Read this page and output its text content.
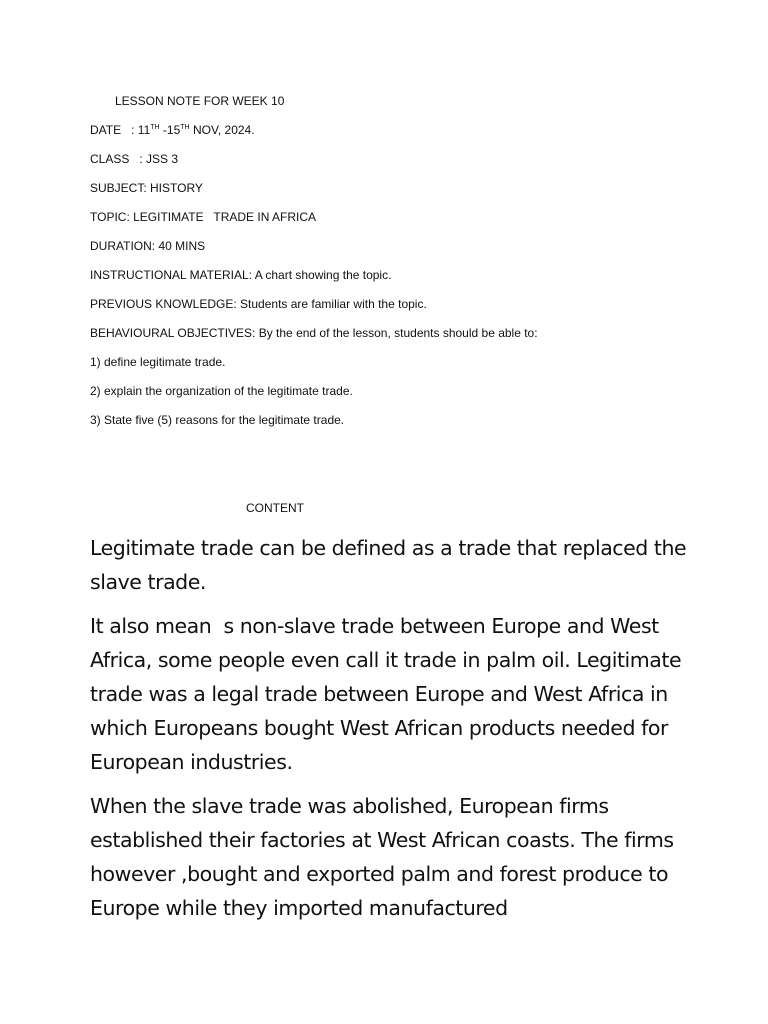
LESSON NOTE FOR WEEK 10
DATE   : 11TH -15TH NOV, 2024.
CLASS   : JSS 3
SUBJECT: HISTORY
TOPIC: LEGITIMATE   TRADE IN AFRICA
DURATION: 40 MINS
INSTRUCTIONAL MATERIAL: A chart showing the topic.
PREVIOUS KNOWLEDGE: Students are familiar with the topic.
BEHAVIOURAL OBJECTIVES: By the end of the lesson, students should be able to:
1) define legitimate trade.
2) explain the organization of the legitimate trade.
3) State five (5) reasons for the legitimate trade.
CONTENT

Legitimate trade can be defined as a trade that replaced the slave trade.

It also mean  s non-slave trade between Europe and West Africa, some people even call it trade in palm oil. Legitimate trade was a legal trade between Europe and West Africa in which Europeans bought West African products needed for European industries.

When the slave trade was abolished, European firms established their factories at West African coasts. The firms however ,bought and exported palm and forest produce to Europe while they imported manufactured
